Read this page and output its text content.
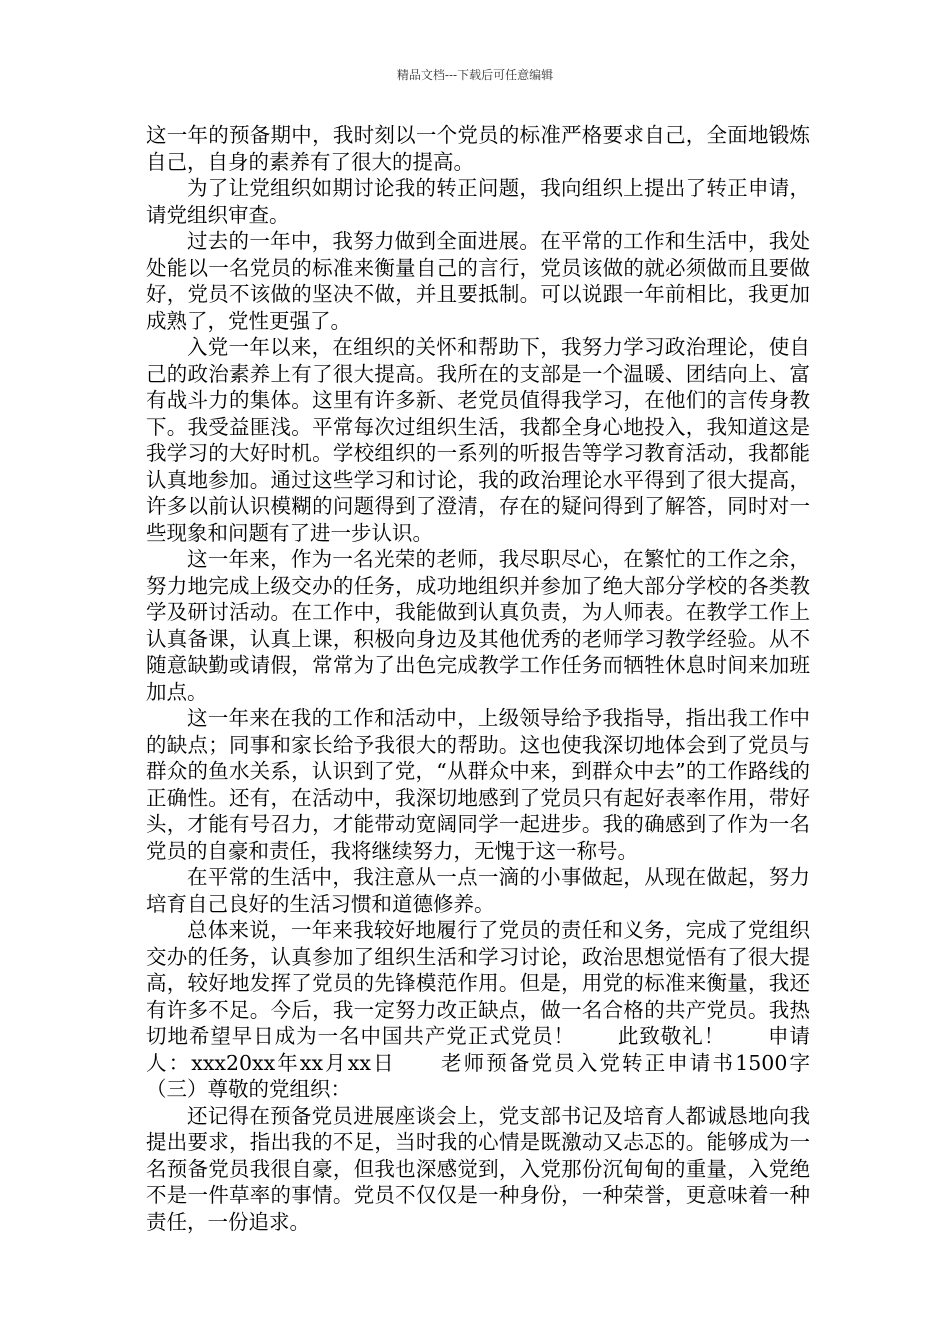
精品文档---下载后可任意编辑

这一年的预备期中，我时刻以一个党员的标准严格要求自己，全面地锻炼自己，自身的素养有了很大的提高。

为了让党组织如期讨论我的转正问题，我向组织上提出了转正申请，请党组织审查。

过去的一年中，我努力做到全面进展。在平常的工作和生活中，我处处能以一名党员的标准来衡量自己的言行，党员该做的就必须做而且要做好，党员不该做的坚决不做，并且要抵制。可以说跟一年前相比，我更加成熟了，党性更强了。

入党一年以来，在组织的关怀和帮助下，我努力学习政治理论，使自己的政治素养上有了很大提高。我所在的支部是一个温暖、团结向上、富有战斗力的集体。这里有许多新、老党员值得我学习，在他们的言传身教下。我受益匪浅。平常每次过组织生活，我都全身心地投入，我知道这是我学习的大好时机。学校组织的一系列的听报告等学习教育活动，我都能认真地参加。通过这些学习和讨论，我的政治理论水平得到了很大提高，许多以前认识模糊的问题得到了澄清，存在的疑问得到了解答，同时对一些现象和问题有了进一步认识。

这一年来，作为一名光荣的老师，我尽职尽心，在繁忙的工作之余，努力地完成上级交办的任务，成功地组织并参加了绝大部分学校的各类教学及研讨活动。在工作中，我能做到认真负责，为人师表。在教学工作上认真备课，认真上课，积极向身边及其他优秀的老师学习教学经验。从不随意缺勤或请假，常常为了出色完成教学工作任务而牺牲休息时间来加班加点。

这一年来在我的工作和活动中，上级领导给予我指导，指出我工作中的缺点；同事和家长给予我很大的帮助。这也使我深切地体会到了党员与群众的鱼水关系，认识到了党，“从群众中来，到群众中去”的工作路线的正确性。还有，在活动中，我深切地感到了党员只有起好表率作用，带好头，才能有号召力，才能带动宽阔同学一起进步。我的确感到了作为一名党员的自豪和责任，我将继续努力，无愧于这一称号。

在平常的生活中，我注意从一点一滴的小事做起，从现在做起，努力培育自己良好的生活习惯和道德修养。

总体来说，一年来我较好地履行了党员的责任和义务，完成了党组织交办的任务，认真参加了组织生活和学习讨论，政治思想觉悟有了很大提高，较好地发挥了党员的先锋模范作用。但是，用党的标准来衡量，我还有许多不足。今后，我一定努力改正缺点，做一名合格的共产党员。我热切地希望早日成为一名中国共产党正式党员！　　此致敬礼！　　申请人：xxx20xx年xx月xx日　　老师预备党员入党转正申请书1500字（三）尊敬的党组织：

还记得在预备党员进展座谈会上，党支部书记及培育人都诚恳地向我提出要求，指出我的不足，当时我的心情是既激动又忐忑的。能够成为一名预备党员我很自豪，但我也深感觉到，入党那份沉甸甸的重量，入党绝不是一件草率的事情。党员不仅仅是一种身份，一种荣誉，更意味着一种责任，一份追求。
